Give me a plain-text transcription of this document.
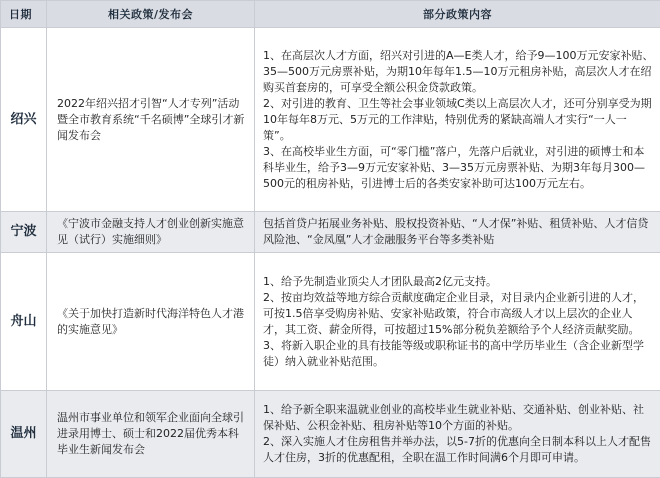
日期	相关政策/发布会	部分政策内容
绍兴	2022年绍兴招才引智“人才专列”活动暨全市教育系统“千名硕博”全球引才新闻发布会	1、在高层次人才方面，绍兴对引进的A—E类人才，给予9—100万元安家补贴、35—500万元房票补贴，为期10年每年1.5—10万元租房补贴，高层次人才在绍购买首套房的，可享受全额公积金贷款政策。

2、对引进的教育、卫生等社会事业领域C类以上高层次人才，还可分别享受为期10年每年8万元、5万元的工作津贴，特别优秀的紧缺高端人才实行“一人一策”。

3、在高校毕业生方面，可“零门槛”落户，先落户后就业，对引进的硕博士和本科毕业生，给予3—9万元安家补贴、3—35万元房票补贴、为期3年每月300—500元的租房补贴，引进博士后的各类安家补助可达100万元左右。

宁波	《宁波市金融支持人才创业创新实施意见（试行）实施细则》	包括首贷户拓展业务补贴、股权投资补贴、“人才保”补贴、租赁补贴、人才信贷风险池、“金凤凰”人才金融服务平台等多类补贴

舟山	《关于加快打造新时代海洋特色人才港的实施意见》	1、给予先制造业顶尖人才团队最高2亿元支持。

2、按亩均效益等地方综合贡献度确定企业目录，对目录内企业新引进的人才，可按1.5倍享受购房补贴、安家补贴政策，符合市高级人才以上层次的企业人才，其工资、薪金所得，可按超过15%部分税负差额给予个人经济贡献奖励。

3、将新入职企业的具有技能等级或职称证书的高中学历毕业生（含企业新型学徒）纳入就业补贴范围。

温州	温州市事业单位和领军企业面向全球引进录用博士、硕士和2022届优秀本科毕业生新闻发布会	1、给予新全职来温就业创业的高校毕业生就业补贴、交通补贴、创业补贴、社保补贴、公积金补贴、租房补贴等10个方面的补贴。

2、深入实施人才住房租售并举办法，以5-7折的优惠向全日制本科以上人才配售人才住房，3折的优惠配租，全职在温工作时间满6个月即可申请。
